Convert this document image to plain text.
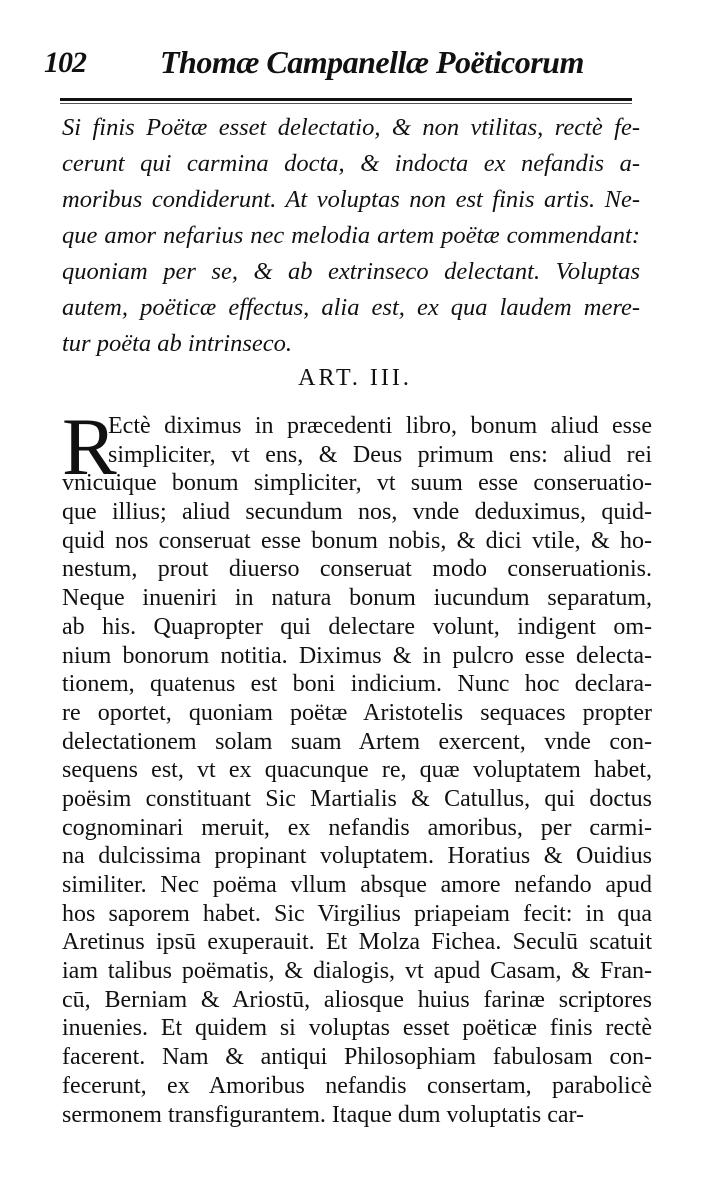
102 Thomæ Campanellæ Poëticorum
Si finis Poëtæ esset delectatio, & non vtilitas, rectè fe-
cerunt qui carmina docta, & indocta ex nefandis a-
moribus condiderunt. At voluptas non est finis artis. Ne-
que amor nefarius nec melodia artem poëtæ commendant:
quoniam per se, & ab extrinseco delectant. Voluptas
autem, poëticæ effectus, alia est, ex qua laudem mere-
tur poëta ab intrinseco.
ART. III.
R
Ectè diximus in præcedenti libro, bonum aliud esse
simpliciter, vt ens, & Deus primum ens: aliud rei
vnicuique bonum simpliciter, vt suum esse conseruatio-
que illius; aliud secundum nos, vnde deduximus, quid-
quid nos conseruat esse bonum nobis, & dici vtile, & ho-
nestum, prout diuerso conseruat modo conseruationis.
Neque inueniri in natura bonum iucundum separatum,
ab his. Quapropter qui delectare volunt, indigent om-
nium bonorum notitia. Diximus & in pulcro esse delecta-
tionem, quatenus est boni indicium. Nunc hoc declara-
re oportet, quoniam poëtæ Aristotelis sequaces propter
delectationem solam suam Artem exercent, vnde con-
sequens est, vt ex quacunque re, quæ voluptatem habet,
poësim constituant Sic Martialis & Catullus, qui doctus
cognominari meruit, ex nefandis amoribus, per carmi-
na dulcissima propinant voluptatem. Horatius & Ouidius
similiter. Nec poëma vllum absque amore nefando apud
hos saporem habet. Sic Virgilius priapeiam fecit: in qua
Aretinus ipsū exuperauit. Et Molza Fichea. Seculū scatuit
iam talibus poëmatis, & dialogis, vt apud Casam, & Fran-
cū, Berniam & Ariostū, aliosque huius farinæ scriptores
inuenies. Et quidem si voluptas esset poëticæ finis rectè
facerent. Nam & antiqui Philosophiam fabulosam con-
fecerunt, ex Amoribus nefandis consertam, parabolicè
sermonem transfigurantem. Itaque dum voluptatis car-
